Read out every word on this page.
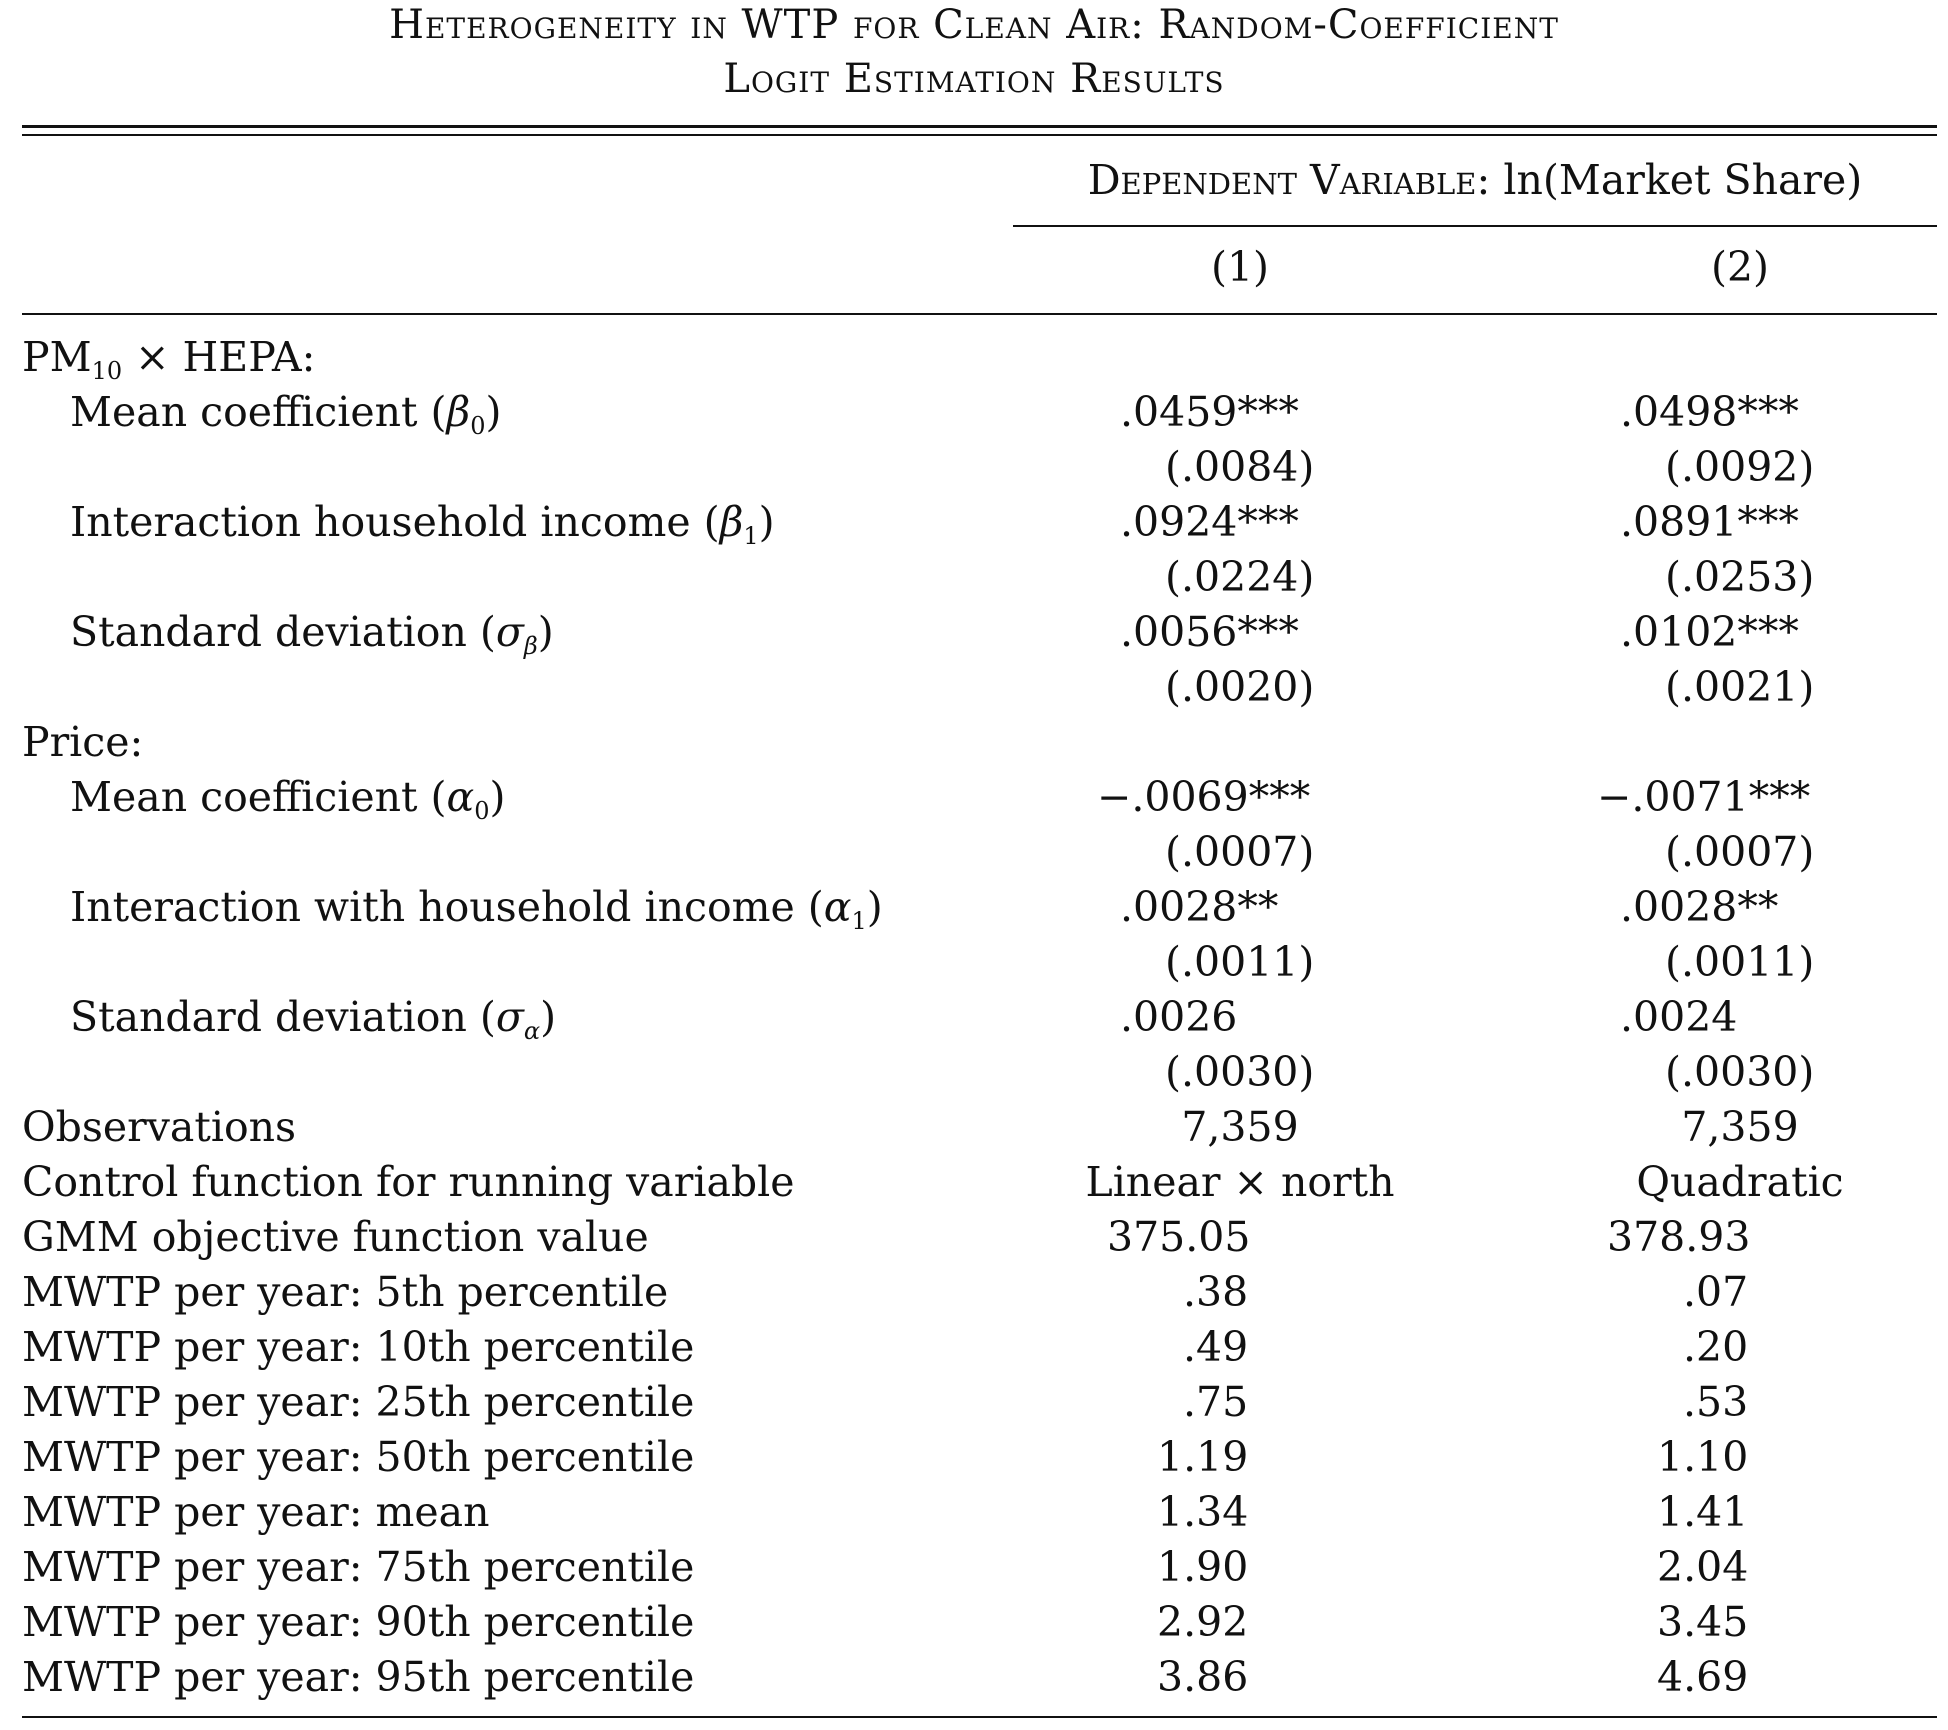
Heterogeneity in WTP for Clean Air: Random-Coefficient
Logit Estimation Results
Dependent Variable: ln(Market Share)
(1)	(2)
$PM_{10}$ × HEPA:
Mean coefficient $(\beta_0)$	.0459***	.0498***
(.0084)	(.0092)
Interaction household income $(\beta_1)$	.0924***	.0891***
(.0224)	(.0253)
Standard deviation $(\sigma_\beta)$	.0056***	.0102***
(.0020)	(.0021)
Price:
Mean coefficient $(\alpha_0)$	−.0069***	−.0071***
(.0007)	(.0007)
Interaction with household income $(\alpha_1)$	.0028**	.0028**
(.0011)	(.0011)
Standard deviation $(\sigma_\alpha)$	.0026	.0024
(.0030)	(.0030)
Observations	7,359	7,359
Control function for running variable	Linear × north	Quadratic
GMM objective function value	375.05	378.93
MWTP per year: 5th percentile	.38	.07
MWTP per year: 10th percentile	.49	.20
MWTP per year: 25th percentile	.75	.53
MWTP per year: 50th percentile	1.19	1.10
MWTP per year: mean	1.34	1.41
MWTP per year: 75th percentile	1.90	2.04
MWTP per year: 90th percentile	2.92	3.45
MWTP per year: 95th percentile	3.86	4.69
